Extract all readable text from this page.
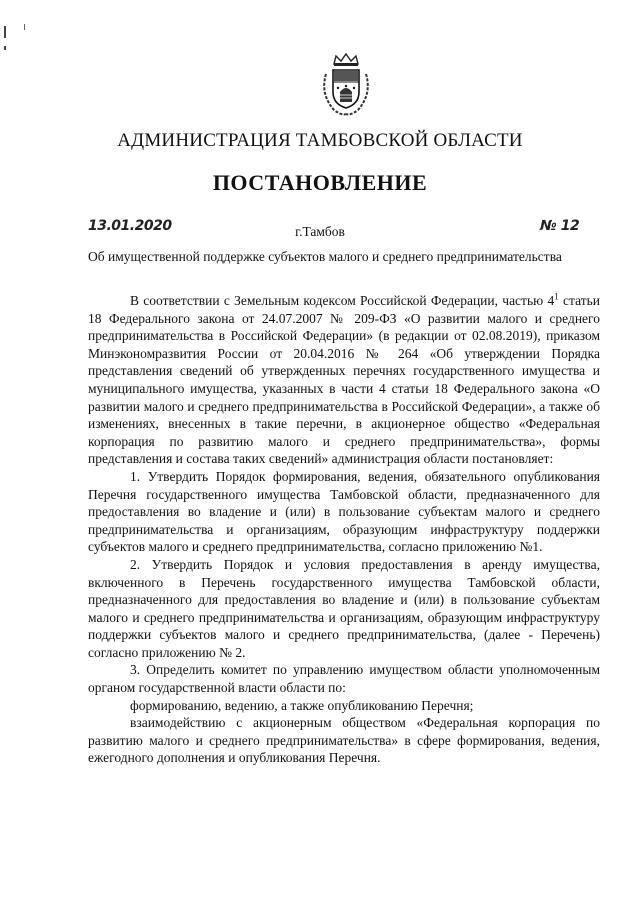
АДМИНИСТРАЦИЯ ТАМБОВСКОЙ ОБЛАСТИ
ПОСТАНОВЛЕНИЕ
13.01.2020	г.Тамбов	№ 12
Об имущественной поддержке субъектов малого и среднего предпринимательства

В соответствии с Земельным кодексом Российской Федерации, частью $4^1$ статьи 18 Федерального закона от 24.07.2007 № 209-ФЗ «О развитии малого и среднего предпринимательства в Российской Федерации» (в редакции от 02.08.2019), приказом Минэкономразвития России от 20.04.2016 № 264 «Об утверждении Порядка представления сведений об утвержденных перечнях государственного имущества и муниципального имущества, указанных в части 4 статьи 18 Федерального закона «О развитии малого и среднего предпринимательства в Российской Федерации», а также об изменениях, внесенных в такие перечни, в акционерное общество «Федеральная корпорация по развитию малого и среднего предпринимательства», формы представления и состава таких сведений» администрация области постановляет:

1. Утвердить Порядок формирования, ведения, обязательного опубликования Перечня государственного имущества Тамбовской области, предназначенного для предоставления во владение и (или) в пользование субъектам малого и среднего предпринимательства и организациям, образующим инфраструктуру поддержки субъектов малого и среднего предпринимательства, согласно приложению №1.

2. Утвердить Порядок и условия предоставления в аренду имущества, включенного в Перечень государственного имущества Тамбовской области, предназначенного для предоставления во владение и (или) в пользование субъектам малого и среднего предпринимательства и организациям, образующим инфраструктуру поддержки субъектов малого и среднего предпринимательства, (далее - Перечень) согласно приложению № 2.

3. Определить комитет по управлению имуществом области уполномоченным органом государственной власти области по:

формированию, ведению, а также опубликованию Перечня;

взаимодействию с акционерным обществом «Федеральная корпорация по развитию малого и среднего предпринимательства» в сфере формирования, ведения, ежегодного дополнения и опубликования Перечня.
